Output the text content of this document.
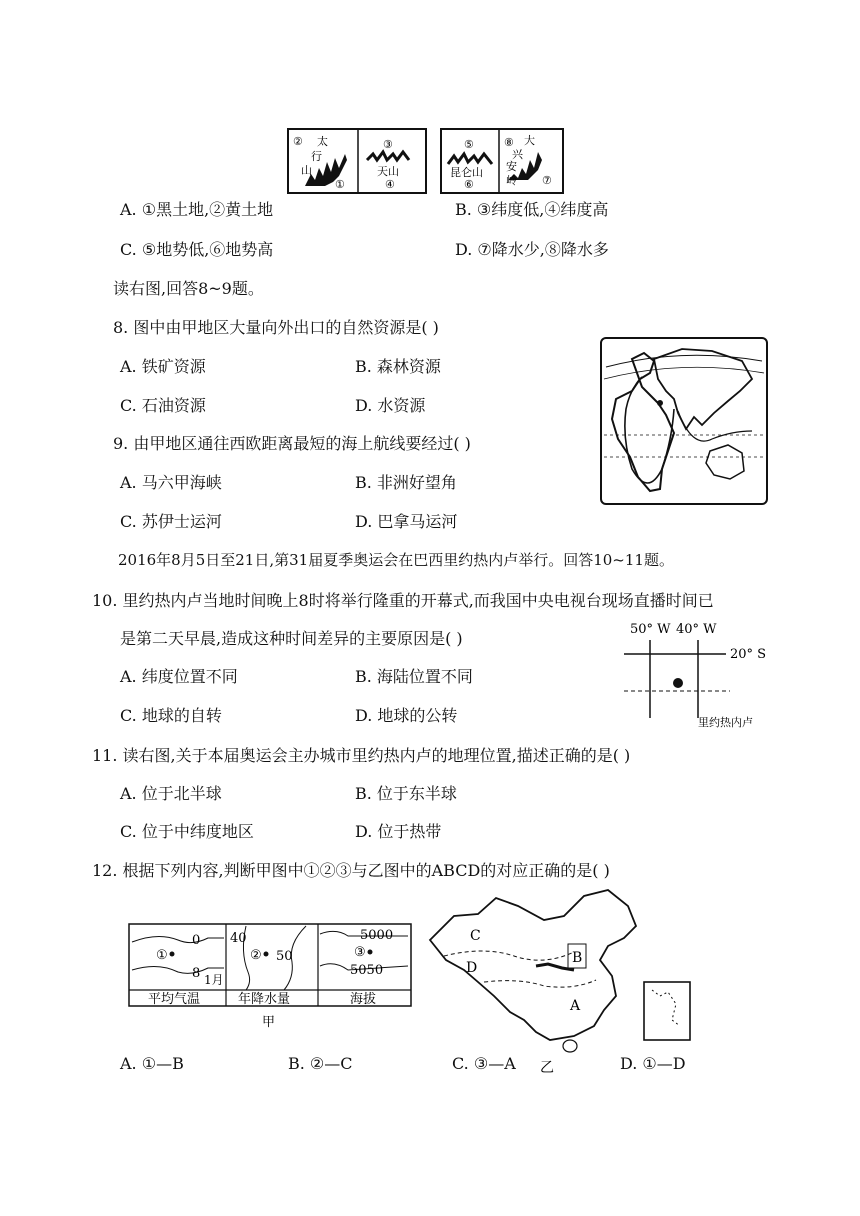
② 太
行
山
①
③
天山
④
⑤
昆仑山
⑥
⑧ 大
兴
安
岭 ⑦
A. ①黑土地,②黄土地	B. ③纬度低,④纬度高
C. ⑤地势低,⑥地势高	D. ⑦降水少,⑧降水多
读右图,回答8~9题。
8. 图中由甲地区大量向外出口的自然资源是( )
A. 铁矿资源	B. 森林资源
C. 石油资源	D. 水资源
9. 由甲地区通往西欧距离最短的海上航线要经过( )
A. 马六甲海峡	B. 非洲好望角
C. 苏伊士运河	D. 巴拿马运河
2016年8月5日至21日,第31届夏季奥运会在巴西里约热内卢举行。回答10~11题。
10. 里约热内卢当地时间晚上8时将举行隆重的开幕式,而我国中央电视台现场直播时间已
是第二天早晨,造成这种时间差异的主要原因是( )
A. 纬度位置不同	B. 海陆位置不同
C. 地球的自转	D. 地球的公转
50° W 40° W
20° S
里约热内卢
11. 读右图,关于本届奥运会主办城市里约热内卢的地理位置,描述正确的是( )
A. 位于北半球	B. 位于东半球
C. 位于中纬度地区	D. 位于热带
12. 根据下列内容,判断甲图中①②③与乙图中的ABCD的对应正确的是( )
0
①
8 1月
平均气温
40
② 50
年降水量
5000
③
5050
海拔
甲
C
D
B
A
乙
A. ①—B	B. ②—C	C. ③—A	D. ①—D
